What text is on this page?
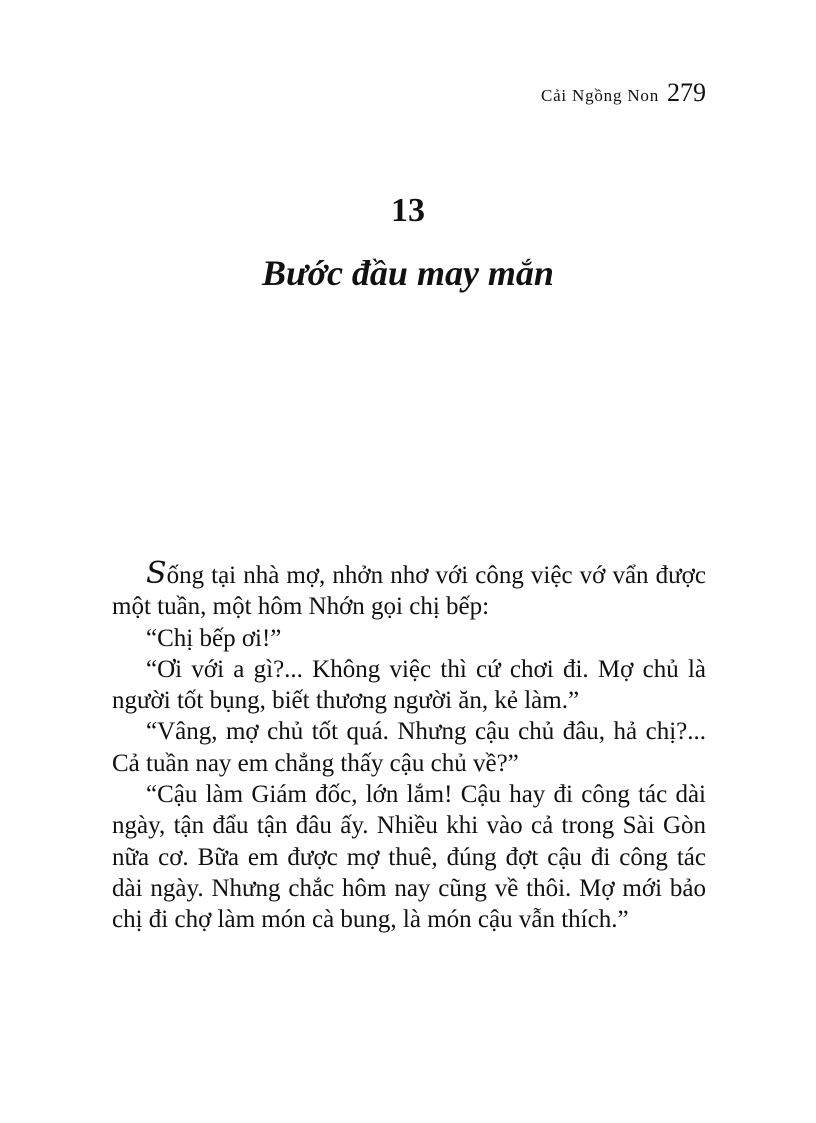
Cải Ngồng Non 279
13
Bước đầu may mắn

Sống tại nhà mợ, nhởn nhơ với công việc vớ vẩn được một tuần, một hôm Nhớn gọi chị bếp:

“Chị bếp ơi!”

“Ơi với a gì?... Không việc thì cứ chơi đi. Mợ chủ là người tốt bụng, biết thương người ăn, kẻ làm.”

“Vâng, mợ chủ tốt quá. Nhưng cậu chủ đâu, hả chị?... Cả tuần nay em chẳng thấy cậu chủ về?”

“Cậu làm Giám đốc, lớn lắm! Cậu hay đi công tác dài ngày, tận đẩu tận đâu ấy. Nhiều khi vào cả trong Sài Gòn nữa cơ. Bữa em được mợ thuê, đúng đợt cậu đi công tác dài ngày. Nhưng chắc hôm nay cũng về thôi. Mợ mới bảo chị đi chợ làm món cà bung, là món cậu vẫn thích.”
